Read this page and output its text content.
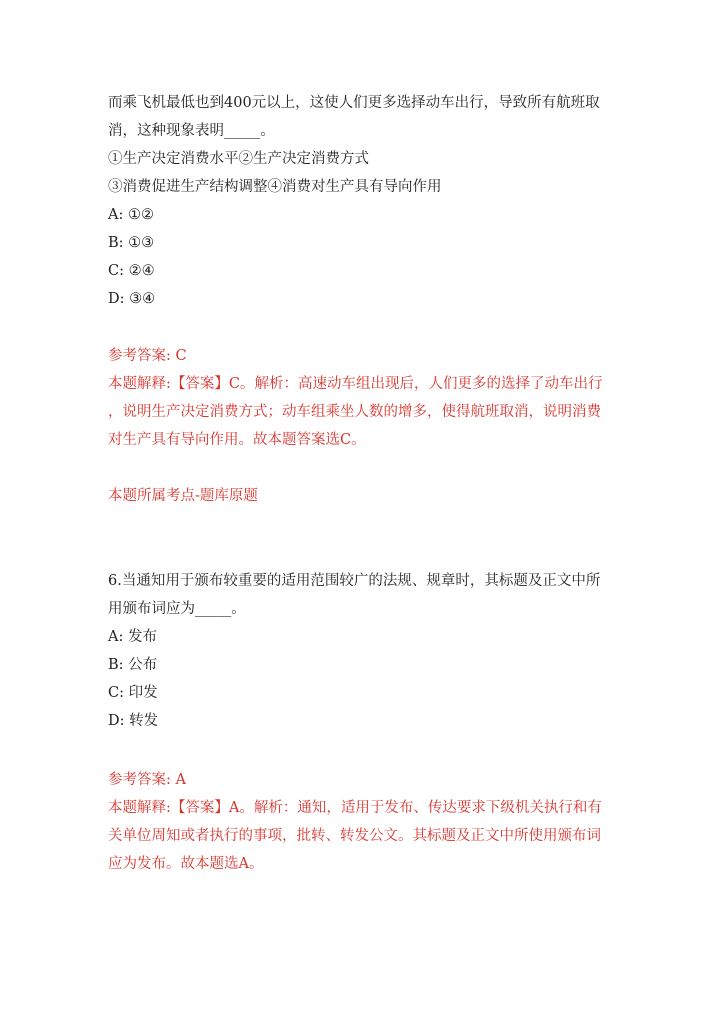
而乘飞机最低也到400元以上，这使人们更多选择动车出行，导致所有航班取
消，这种现象表明_____。
①生产决定消费水平②生产决定消费方式
③消费促进生产结构调整④消费对生产具有导向作用
A: ①②
B: ①③
C: ②④
D: ③④
参考答案: C
本题解释:【答案】C。解析：高速动车组出现后，人们更多的选择了动车出行
，说明生产决定消费方式；动车组乘坐人数的增多，使得航班取消，说明消费
对生产具有导向作用。故本题答案选C。
本题所属考点-题库原题
6.当通知用于颁布较重要的适用范围较广的法规、规章时，其标题及正文中所
用颁布词应为_____。
A: 发布
B: 公布
C: 印发
D: 转发
参考答案: A
本题解释:【答案】A。解析：通知，适用于发布、传达要求下级机关执行和有
关单位周知或者执行的事项，批转、转发公文。其标题及正文中所使用颁布词
应为发布。故本题选A。
